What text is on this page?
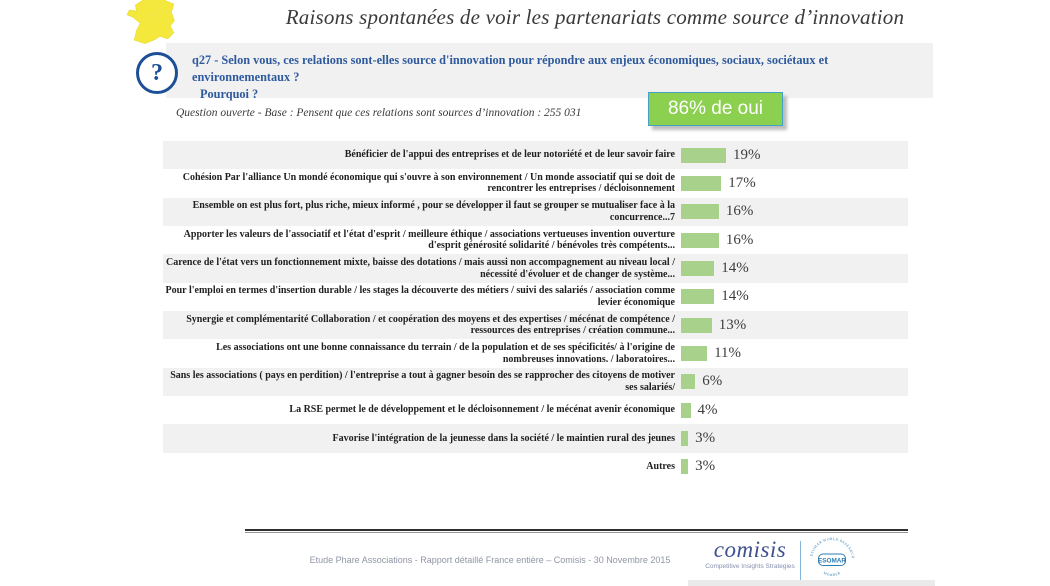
Raisons spontanées de voir les partenariats comme source d’innovation
?	q27 - Selon vous, ces relations sont-elles source d'innovation pour répondre aux enjeux économiques, sociaux, sociétaux et environnementaux ?
Pourquoi ?
Question ouverte - Base : Pensent que ces relations sont sources d’innovation : 255 031	86% de oui
Bénéficier de l'appui des entreprises et de leur notoriété et de leur savoir faire	19%
Cohésion Par l'alliance Un mondé économique qui s'ouvre à son environnement / Un monde associatif qui se doit de rencontrer les entreprises / décloisonnement	17%
Ensemble on est plus fort, plus riche, mieux informé , pour se développer il faut se grouper se mutualiser face à la concurrence...7	16%
Apporter les valeurs de l'associatif et l'état d'esprit / meilleure éthique / associations vertueuses invention ouverture d'esprit générosité solidarité / bénévoles très compétents...	16%
Carence de l'état vers un fonctionnement mixte, baisse des dotations / mais aussi non accompagnement au niveau local / nécessité d'évoluer et de changer de système...	14%
Pour l'emploi en termes d'insertion durable / les stages la découverte des métiers / suivi des salariés / association comme levier économique	14%
Synergie et complémentarité Collaboration / et coopération des moyens et des expertises / mécénat de compétence / ressources des entreprises / création commune...	13%
Les associations ont une bonne connaissance du terrain / de la population et de ses spécificités/ à l'origine de nombreuses innovations. / laboratoires...	11%
Sans les associations ( pays en perdition) / l'entreprise a tout à gagner besoin des se rapprocher des citoyens de motiver ses salariés/ 6%
La RSE permet le de développement et le décloisonnement / le mécénat avenir économique 4%
Favorise l'intégration de la jeunesse dans la société / le maintien rural des jeunes 3%
Autres 3%
Etude Phare Associations - Rapport détaillé France entière – Comisis - 30 Novembre 2015	comisis
Competitive Insights Strategies
ESOMAR WORLD RESEARCH
MEMBER
ESOMAR
